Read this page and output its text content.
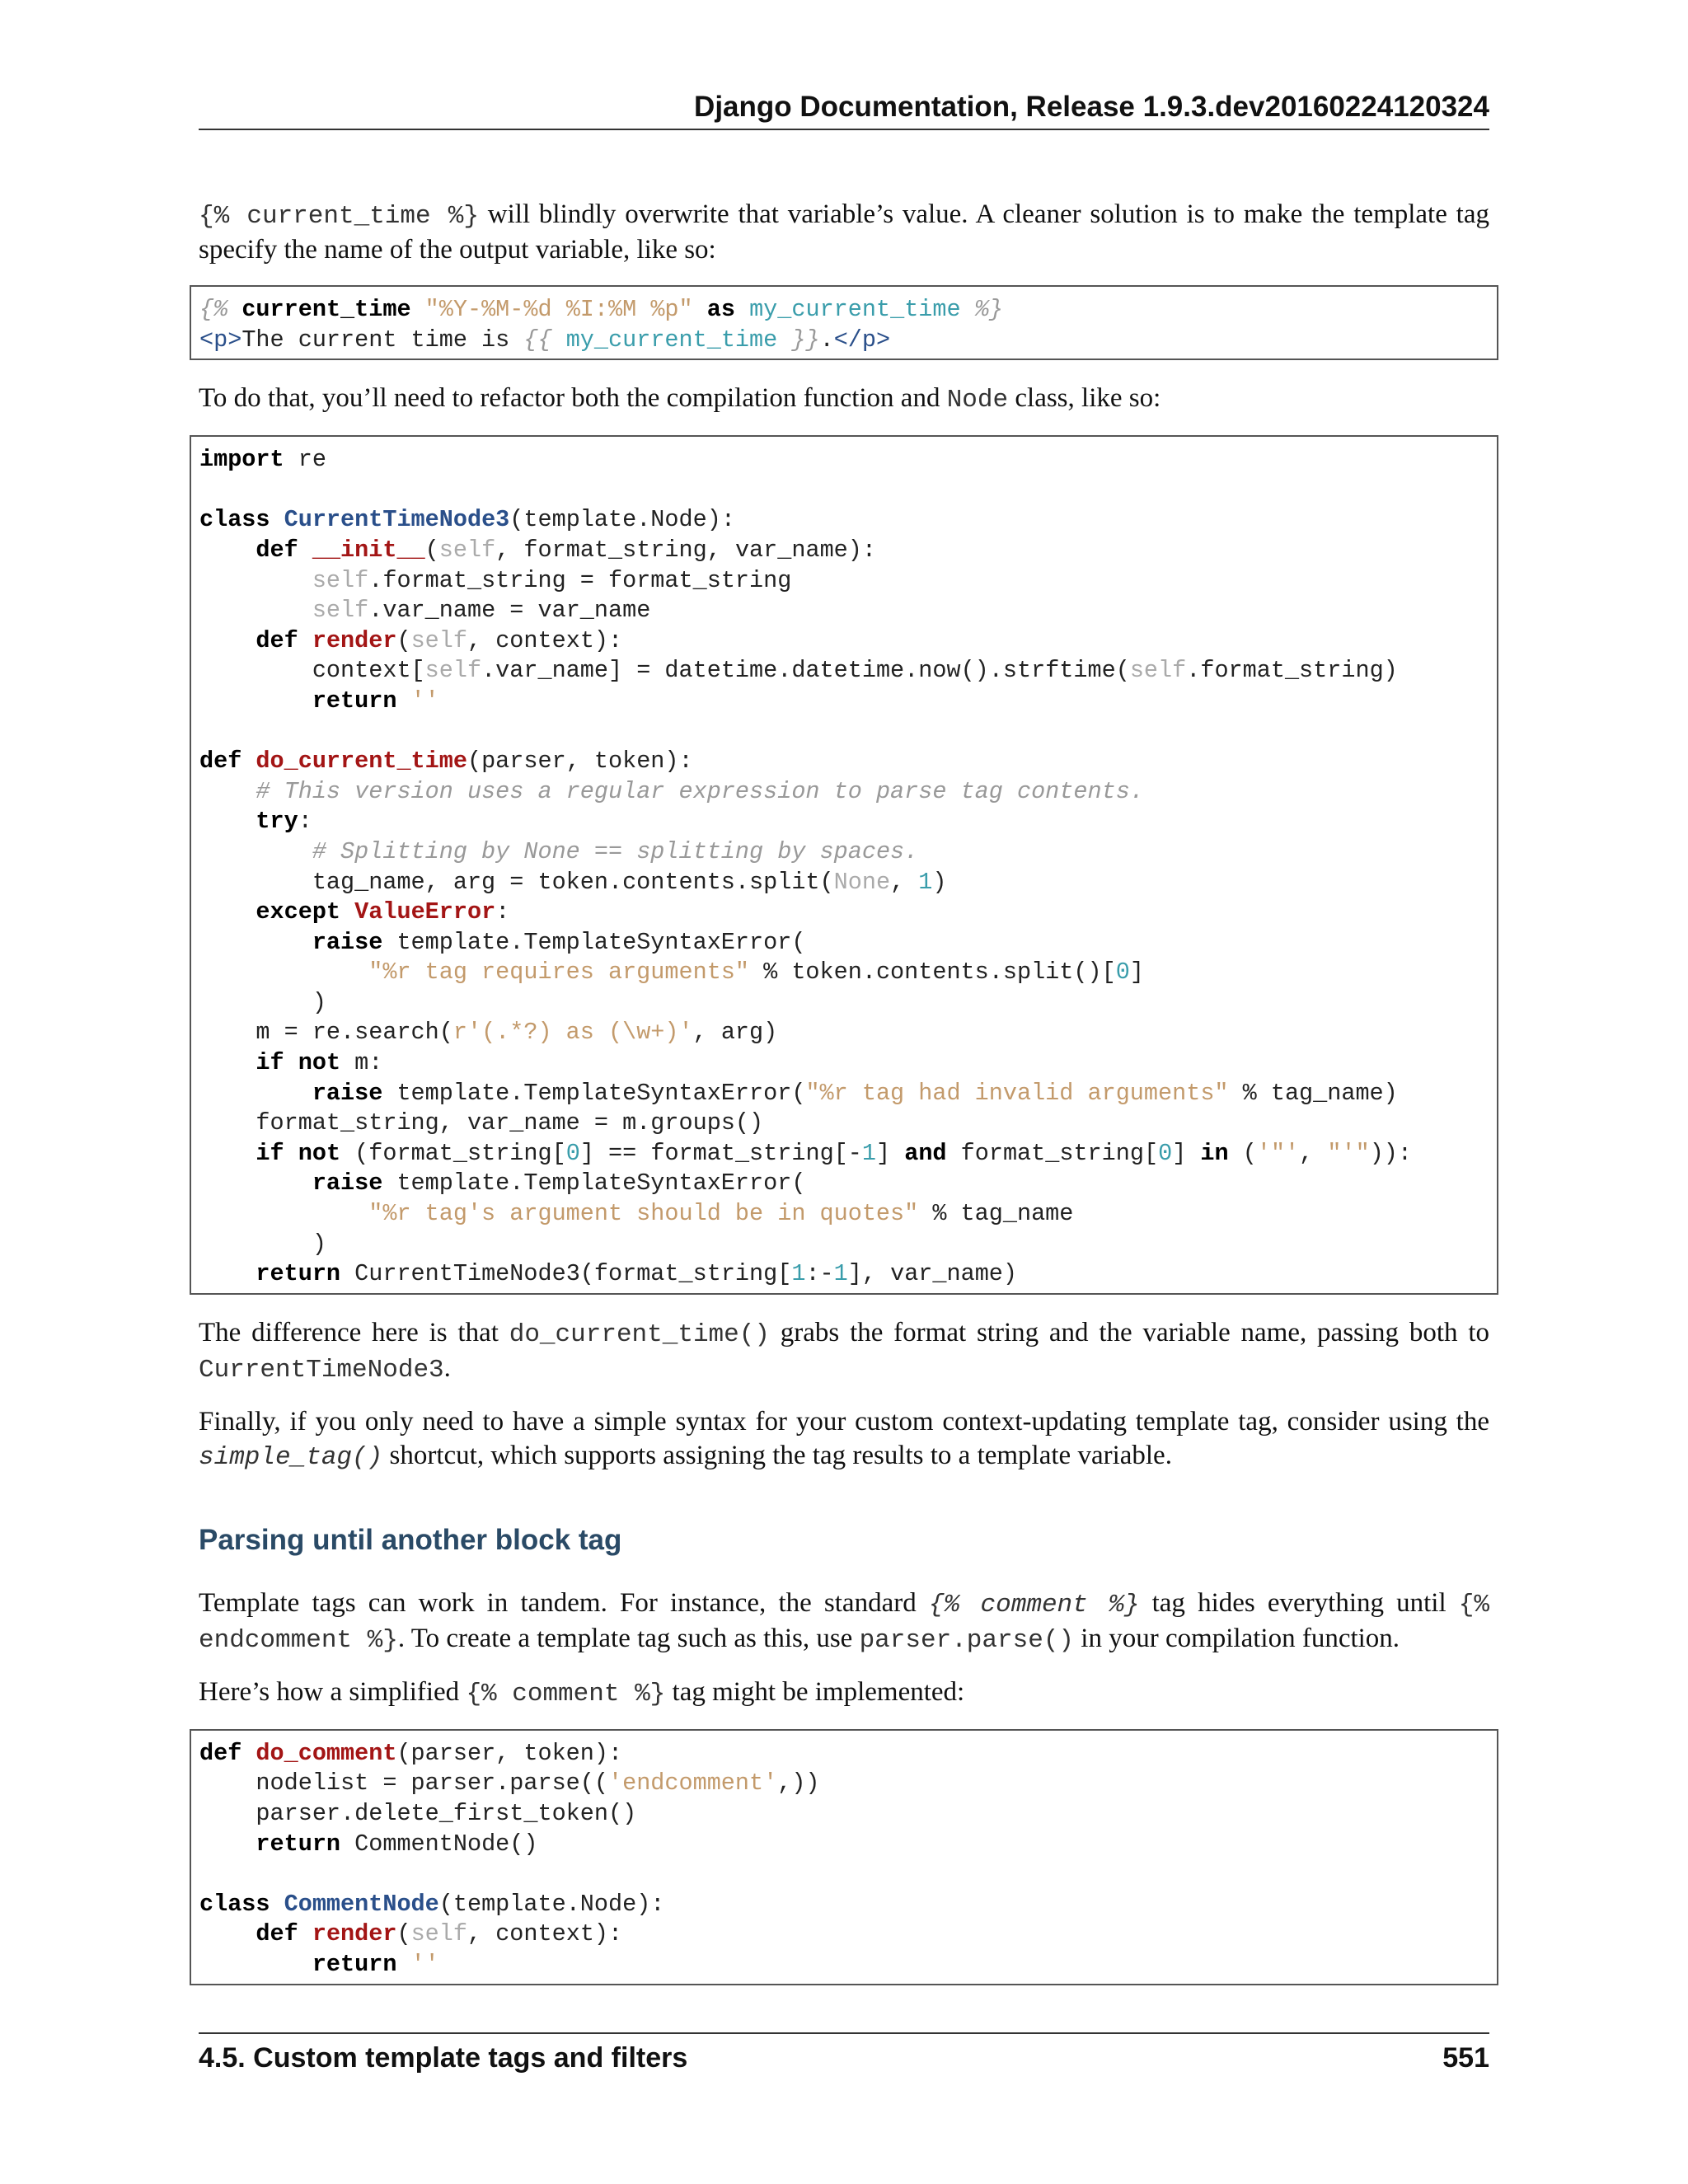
Django Documentation, Release 1.9.3.dev20160224120324

{% current_time %} will blindly overwrite that variable’s value. A cleaner solution is to make the template tag specify the name of the output variable, like so:

{% current_time "%Y-%M-%d %I:%M %p" as my_current_time %}
<p>The current time is {{ my_current_time }}.</p>

To do that, you’ll need to refactor both the compilation function and Node class, like so:

import re

class CurrentTimeNode3(template.Node):
def __init__(self, format_string, var_name):
self.format_string = format_string
self.var_name = var_name
def render(self, context):
context[self.var_name] = datetime.datetime.now().strftime(self.format_string)
return ''

def do_current_time(parser, token):
# This version uses a regular expression to parse tag contents.
try:
# Splitting by None == splitting by spaces.
tag_name, arg = token.contents.split(None, 1)
except ValueError:
raise template.TemplateSyntaxError(
"%r tag requires arguments" % token.contents.split()[0]
)
m = re.search(r'(.*?) as (\w+)', arg)
if not m:
raise template.TemplateSyntaxError("%r tag had invalid arguments" % tag_name)
format_string, var_name = m.groups()
if not (format_string[0] == format_string[-1] and format_string[0] in ('"', "'")):
raise template.TemplateSyntaxError(
"%r tag's argument should be in quotes" % tag_name
)
return CurrentTimeNode3(format_string[1:-1], var_name)

The difference here is that do_current_time() grabs the format string and the variable name, passing both to CurrentTimeNode3.

Finally, if you only need to have a simple syntax for your custom context-updating template tag, consider using the simple_tag() shortcut, which supports assigning the tag results to a template variable.

Parsing until another block tag

Template tags can work in tandem. For instance, the standard {% comment %} tag hides everything until {% endcomment %}. To create a template tag such as this, use parser.parse() in your compilation function.

Here’s how a simplified {% comment %} tag might be implemented:

def do_comment(parser, token):
nodelist = parser.parse(('endcomment',))
parser.delete_first_token()
return CommentNode()

class CommentNode(template.Node):
def render(self, context):
return ''
4.5. Custom template tags and filters	551
